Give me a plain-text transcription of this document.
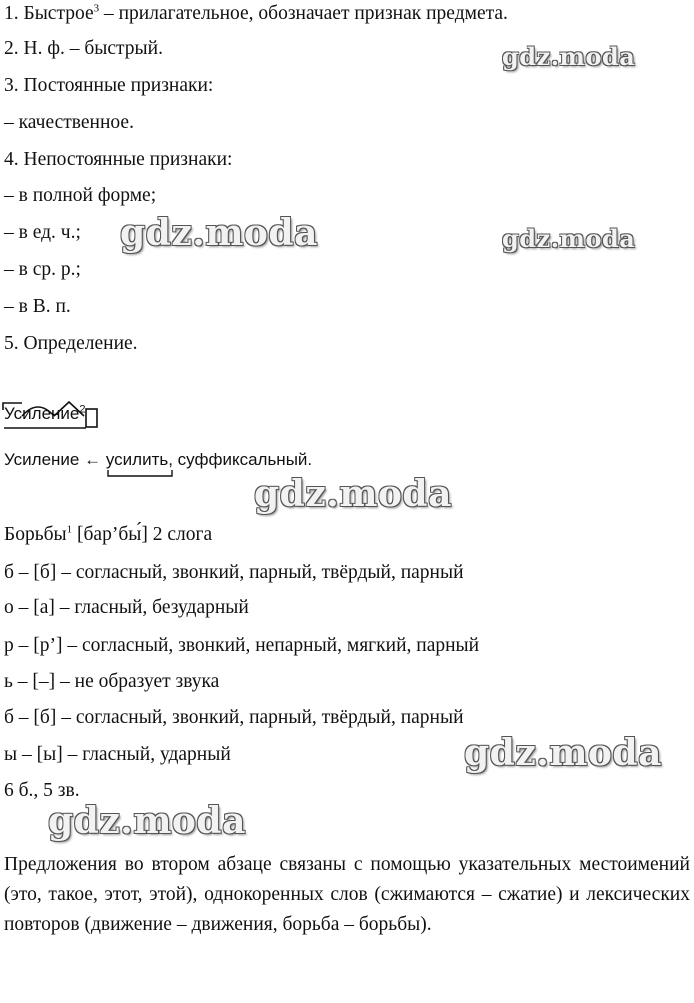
1. Быстрое$^3$ – прилагательное, обозначает признак предмета.
2. Н. ф. – быстрый.
3. Постоянные признаки:
– качественное.
4. Непостоянные признаки:
– в полной форме;
– в ед. ч.;
– в ср. р.;
– в В. п.
5. Определение.
Усиление$^2$
Усиление ← усилить
, суффиксальный.
Борьбы$^1$ [бар’бы́] 2 слога
б – [б] – согласный, звонкий, парный, твёрдый, парный
о – [а] – гласный, безударный
р – [р’] – согласный, звонкий, непарный, мягкий, парный
ь – [–] – не образует звука
б – [б] – согласный, звонкий, парный, твёрдый, парный
ы – [ы] – гласный, ударный
6 б., 5 зв.
Предложения во втором абзаце связаны с помощью указательных местоимений (это, такое, этот, этой), однокоренных слов (сжимаются – сжатие) и лексических повторов (движение – движения, борьба – борьбы).
gdz.moda
gdz.moda	gdz.moda
gdz.moda
gdz.moda
gdz.moda
